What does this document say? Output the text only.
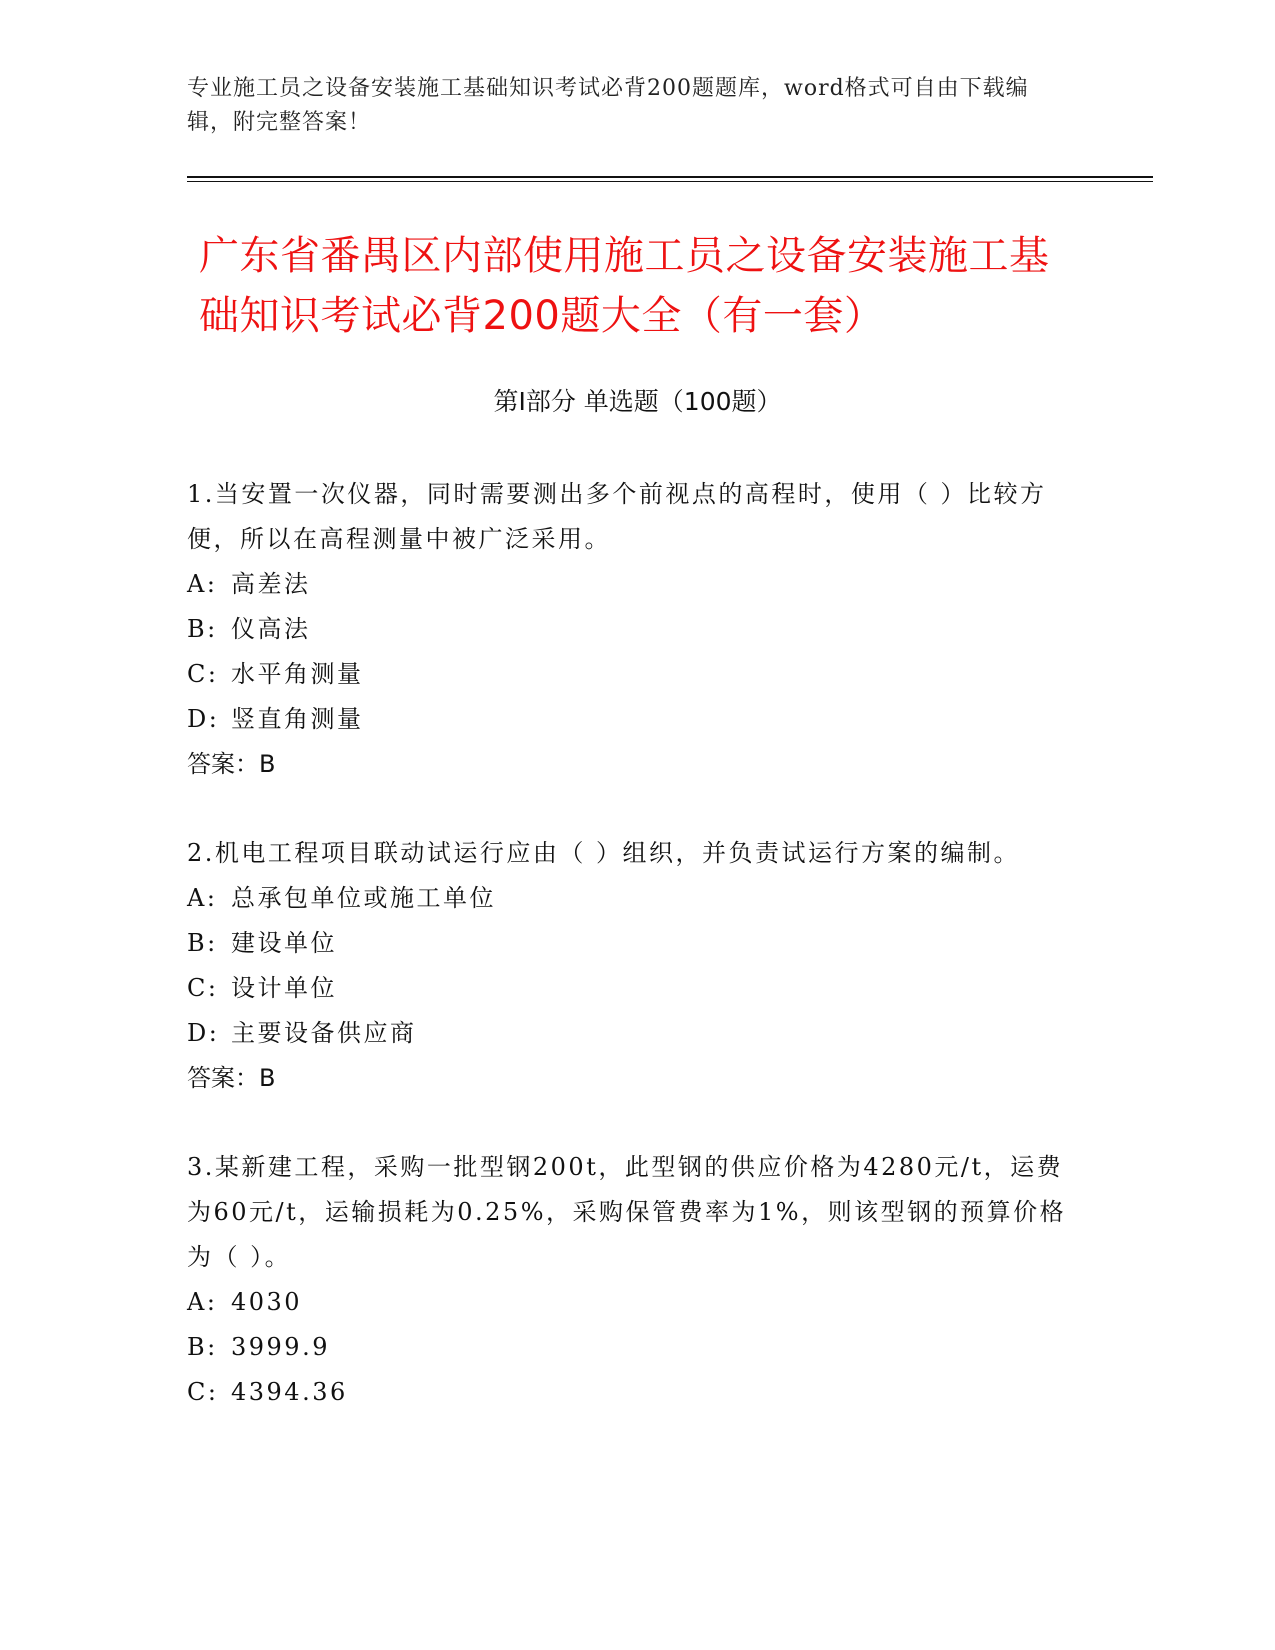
专业施工员之设备安装施工基础知识考试必背200题题库，word格式可自由下载编辑，附完整答案！
广东省番禺区内部使用施工员之设备安装施工基础知识考试必背200题大全（有一套）
第I部分 单选题（100题）
1.当安置一次仪器，同时需要测出多个前视点的高程时，使用（ ）比较方便，所以在高程测量中被广泛采用。
A: 高差法
B: 仪高法
C: 水平角测量
D: 竖直角测量
答案：B
2.机电工程项目联动试运行应由（ ）组织，并负责试运行方案的编制。
A: 总承包单位或施工单位
B: 建设单位
C: 设计单位
D: 主要设备供应商
答案：B
3.某新建工程，采购一批型钢200t，此型钢的供应价格为4280元/t，运费为60元/t，运输损耗为0.25%，采购保管费率为1%，则该型钢的预算价格为（ ）。
A: 4030
B: 3999.9
C: 4394.36
